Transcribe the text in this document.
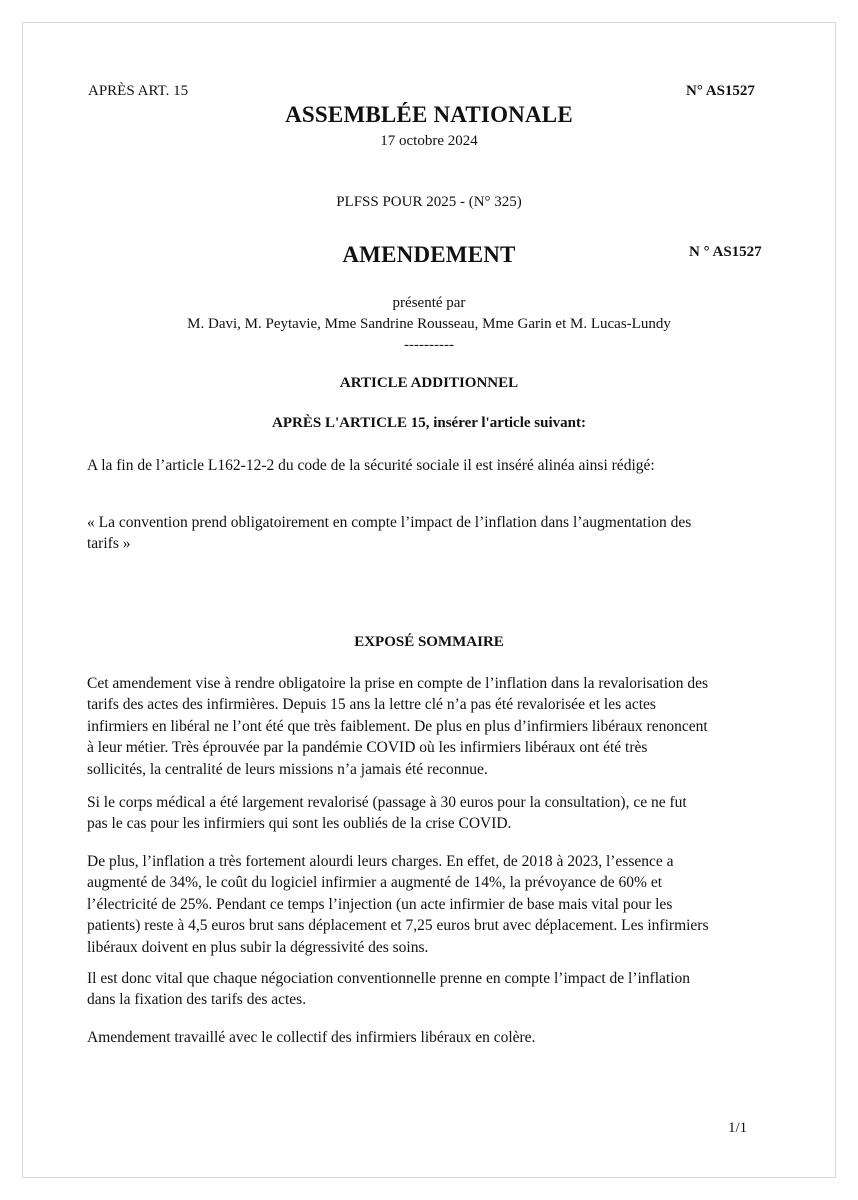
APRÈS ART. 15	N° AS1527
ASSEMBLÉE NATIONALE
17 octobre 2024
PLFSS POUR 2025 - (N° 325)
AMENDEMENT	N ° AS1527
présenté par
M. Davi, M. Peytavie, Mme Sandrine Rousseau, Mme Garin et M. Lucas-Lundy
----------
ARTICLE ADDITIONNEL
APRÈS L'ARTICLE 15, insérer l'article suivant:
A la fin de l’article L162-12-2 du code de la sécurité sociale il est inséré alinéa ainsi rédigé:
« La convention prend obligatoirement en compte l’impact de l’inflation dans l’augmentation des
tarifs »
EXPOSÉ SOMMAIRE
Cet amendement vise à rendre obligatoire la prise en compte de l’inflation dans la revalorisation des
tarifs des actes des infirmières. Depuis 15 ans la lettre clé n’a pas été revalorisée et les actes
infirmiers en libéral ne l’ont été que très faiblement. De plus en plus d’infirmiers libéraux renoncent
à leur métier. Très éprouvée par la pandémie COVID où les infirmiers libéraux ont été très
sollicités, la centralité de leurs missions n’a jamais été reconnue.
Si le corps médical a été largement revalorisé (passage à 30 euros pour la consultation), ce ne fut
pas le cas pour les infirmiers qui sont les oubliés de la crise COVID.
De plus, l’inflation a très fortement alourdi leurs charges. En effet, de 2018 à 2023, l’essence a
augmenté de 34%, le coût du logiciel infirmier a augmenté de 14%, la prévoyance de 60% et
l’électricité de 25%. Pendant ce temps l’injection (un acte infirmier de base mais vital pour les
patients) reste à 4,5 euros brut sans déplacement et 7,25 euros brut avec déplacement. Les infirmiers
libéraux doivent en plus subir la dégressivité des soins.
Il est donc vital que chaque négociation conventionnelle prenne en compte l’impact de l’inflation
dans la fixation des tarifs des actes.
Amendement travaillé avec le collectif des infirmiers libéraux en colère.
1/1
